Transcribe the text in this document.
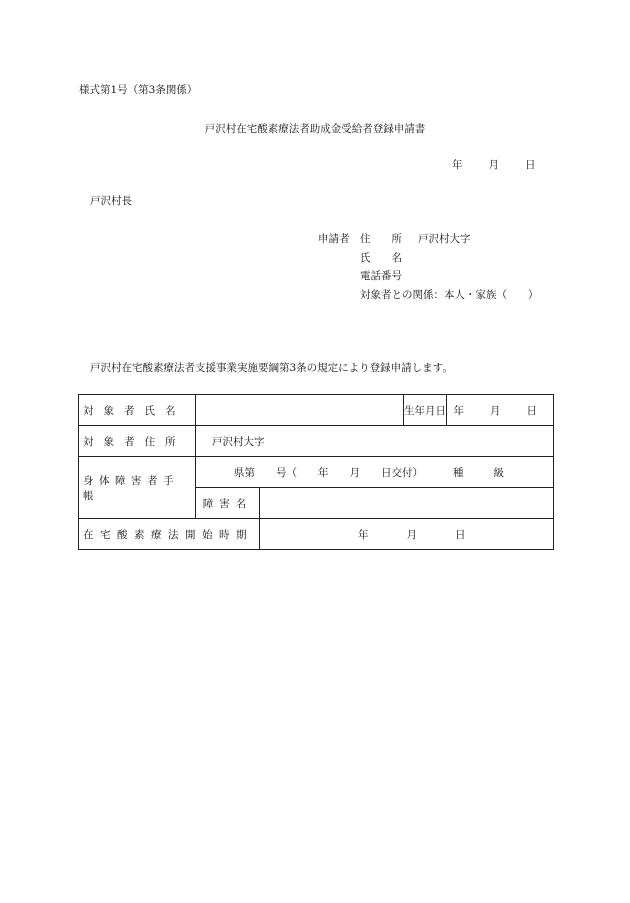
様式第1号（第3条関係）
戸沢村在宅酸素療法者助成金受給者登録申請書
年 月 日
戸沢村長
申請者 住　　所 戸沢村大字
氏　　名
電話番号
対象者との関係：本人・家族（　　）
戸沢村在宅酸素療法者支援事業実施要綱第3条の規定により登録申請します。
対象者氏名			生年月日	年 月 日
対象者住所	戸沢村大字			
身体障害者手帳	県第　　号（　　年　　月　　日交付） 種 級			
	障害名			
在宅酸素療法開始時期		年 月 日		
